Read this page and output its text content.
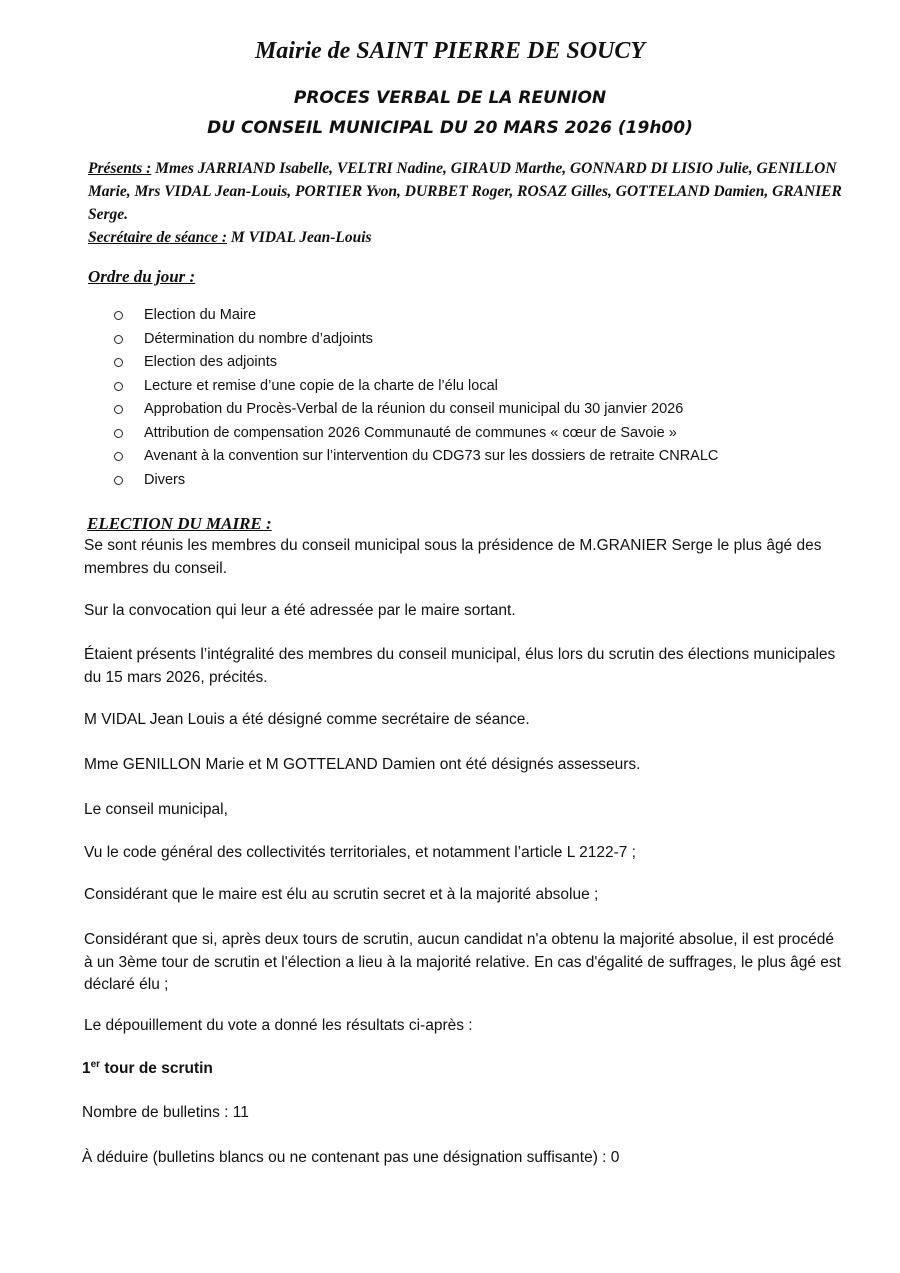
Mairie de SAINT PIERRE DE SOUCY
PROCES VERBAL DE LA REUNION
DU CONSEIL MUNICIPAL DU 20 MARS 2026 (19h00)
Présents : Mmes JARRIAND Isabelle, VELTRI Nadine, GIRAUD Marthe, GONNARD DI LISIO Julie, GENILLON Marie, Mrs VIDAL Jean-Louis, PORTIER Yvon, DURBET Roger, ROSAZ Gilles, GOTTELAND Damien, GRANIER Serge.
Secrétaire de séance : M VIDAL Jean-Louis
Ordre du jour :
Election du Maire
Détermination du nombre d’adjoints
Election des adjoints
Lecture et remise d’une copie de la charte de l’élu local
Approbation du Procès-Verbal de la réunion du conseil municipal du 30 janvier 2026
Attribution de compensation 2026 Communauté de communes « cœur de Savoie »
Avenant à la convention sur l’intervention du CDG73 sur les dossiers de retraite CNRALC
Divers
ELECTION DU MAIRE :

Se sont réunis les membres du conseil municipal sous la présidence de M.GRANIER Serge le plus âgé des membres du conseil.

Sur la convocation qui leur a été adressée par le maire sortant.

Étaient présents l’intégralité des membres du conseil municipal, élus lors du scrutin des élections municipales du 15 mars 2026, précités.

M VIDAL Jean Louis a été désigné comme secrétaire de séance.

Mme GENILLON Marie et M GOTTELAND Damien ont été désignés assesseurs.

Le conseil municipal,

Vu le code général des collectivités territoriales, et notamment l’article L 2122-7 ;

Considérant que le maire est élu au scrutin secret et à la majorité absolue ;

Considérant que si, après deux tours de scrutin, aucun candidat n'a obtenu la majorité absolue, il est procédé à un 3ème tour de scrutin et l'élection a lieu à la majorité relative. En cas d'égalité de suffrages, le plus âgé est déclaré élu ;

Le dépouillement du vote a donné les résultats ci-après :

1er tour de scrutin

Nombre de bulletins : 11

À déduire (bulletins blancs ou ne contenant pas une désignation suffisante) : 0
